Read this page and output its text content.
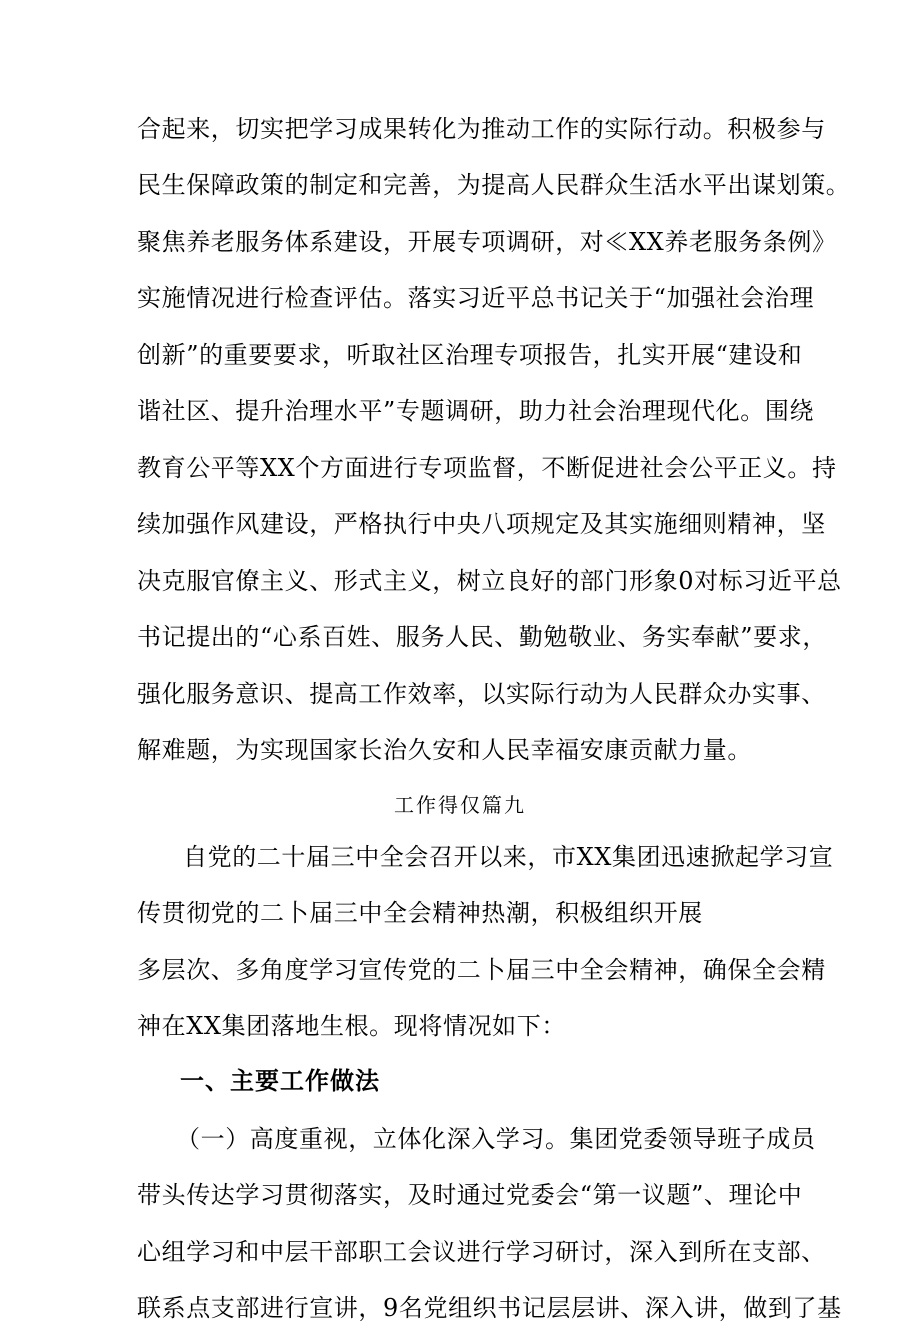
合起来，切实把学习成果转化为推动工作的实际行动。积极参与
民生保障政策的制定和完善，为提高人民群众生活水平出谋划策。
聚焦养老服务体系建设，开展专项调研，对≪XX养老服务条例》
实施情况进行检查评估。落实习近平总书记关于“加强社会治理
创新”的重要要求，听取社区治理专项报告，扎实开展“建设和
谐社区、提升治理水平”专题调研，助力社会治理现代化。围绕
教育公平等XX个方面进行专项监督，不断促进社会公平正义。持
续加强作风建设，严格执行中央八项规定及其实施细则精神，坚
决克服官僚主义、形式主义，树立良好的部门形象0对标习近平总
书记提出的“心系百姓、服务人民、勤勉敬业、务实奉献”要求，
强化服务意识、提高工作效率，以实际行动为人民群众办实事、
解难题，为实现国家长治久安和人民幸福安康贡献力量。
工作得仅篇九
自党的二十届三中全会召开以来，市XX集团迅速掀起学习宣
传贯彻党的二卜届三中全会精神热潮，积极组织开展
多层次、多角度学习宣传党的二卜届三中全会精神，确保全会精
神在XX集团落地生根。现将情况如下：
一、主要工作做法
（一）高度重视，立体化深入学习。集团党委领导班子成员
带头传达学习贯彻落实，及时通过党委会“第一议题”、理论中
心组学习和中层干部职工会议进行学习研讨，深入到所在支部、
联系点支部进行宣讲，9名党组织书记层层讲、深入讲，做到了基
